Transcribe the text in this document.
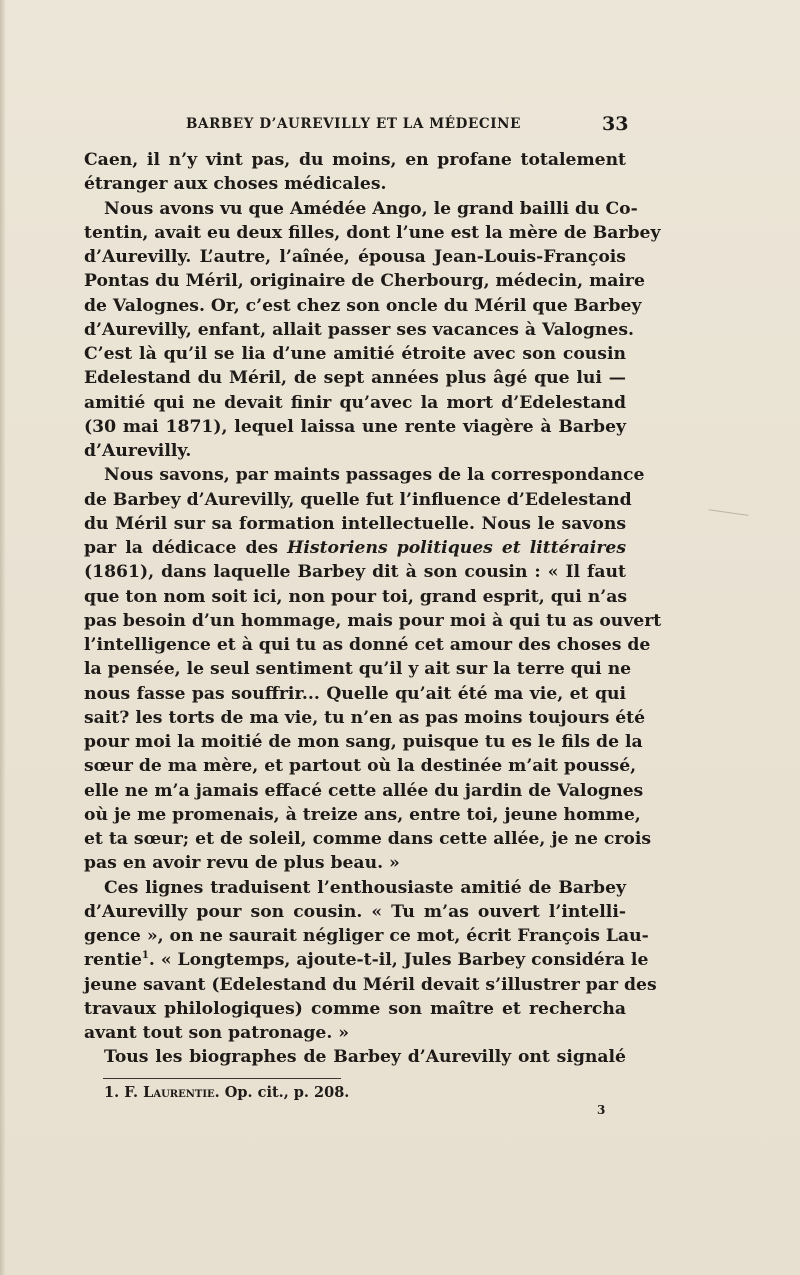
BARBEY D’AUREVILLY ET LA MÉDECINE	33
Caen, il n’y vint pas, du moins, en profane totalement
étranger aux choses médicales.
Nous avons vu que Amédée Ango, le grand bailli du Co-
tentin, avait eu deux filles, dont l’une est la mère de Barbey
d’Aurevilly. L’autre, l’aînée, épousa Jean-Louis-François
Pontas du Méril, originaire de Cherbourg, médecin, maire
de Valognes. Or, c’est chez son oncle du Méril que Barbey
d’Aurevilly, enfant, allait passer ses vacances à Valognes.
C’est là qu’il se lia d’une amitié étroite avec son cousin
Edelestand du Méril, de sept années plus âgé que lui —
amitié qui ne devait finir qu’avec la mort d’Edelestand
(30 mai 1871), lequel laissa une rente viagère à Barbey
d’Aurevilly.
Nous savons, par maints passages de la correspondance
de Barbey d’Aurevilly, quelle fut l’influence d’Edelestand
du Méril sur sa formation intellectuelle. Nous le savons
par la dédicace des Historiens politiques et littéraires
(1861), dans laquelle Barbey dit à son cousin : « Il faut
que ton nom soit ici, non pour toi, grand esprit, qui n’as
pas besoin d’un hommage, mais pour moi à qui tu as ouvert
l’intelligence et à qui tu as donné cet amour des choses de
la pensée, le seul sentiment qu’il y ait sur la terre qui ne
nous fasse pas souffrir... Quelle qu’ait été ma vie, et qui
sait? les torts de ma vie, tu n’en as pas moins toujours été
pour moi la moitié de mon sang, puisque tu es le fils de la
sœur de ma mère, et partout où la destinée m’ait poussé,
elle ne m’a jamais effacé cette allée du jardin de Valognes
où je me promenais, à treize ans, entre toi, jeune homme,
et ta sœur; et de soleil, comme dans cette allée, je ne crois
pas en avoir revu de plus beau. »
Ces lignes traduisent l’enthousiaste amitié de Barbey
d’Aurevilly pour son cousin. « Tu m’as ouvert l’intelli-
gence », on ne saurait négliger ce mot, écrit François Lau-
rentie$^1$. « Longtemps, ajoute-t-il, Jules Barbey considéra le
jeune savant (Edelestand du Méril devait s’illustrer par des
travaux philologiques) comme son maître et rechercha
avant tout son patronage. »
Tous les biographes de Barbey d’Aurevilly ont signalé
1. F. Laurentie. Op. cit., p. 208.
3
